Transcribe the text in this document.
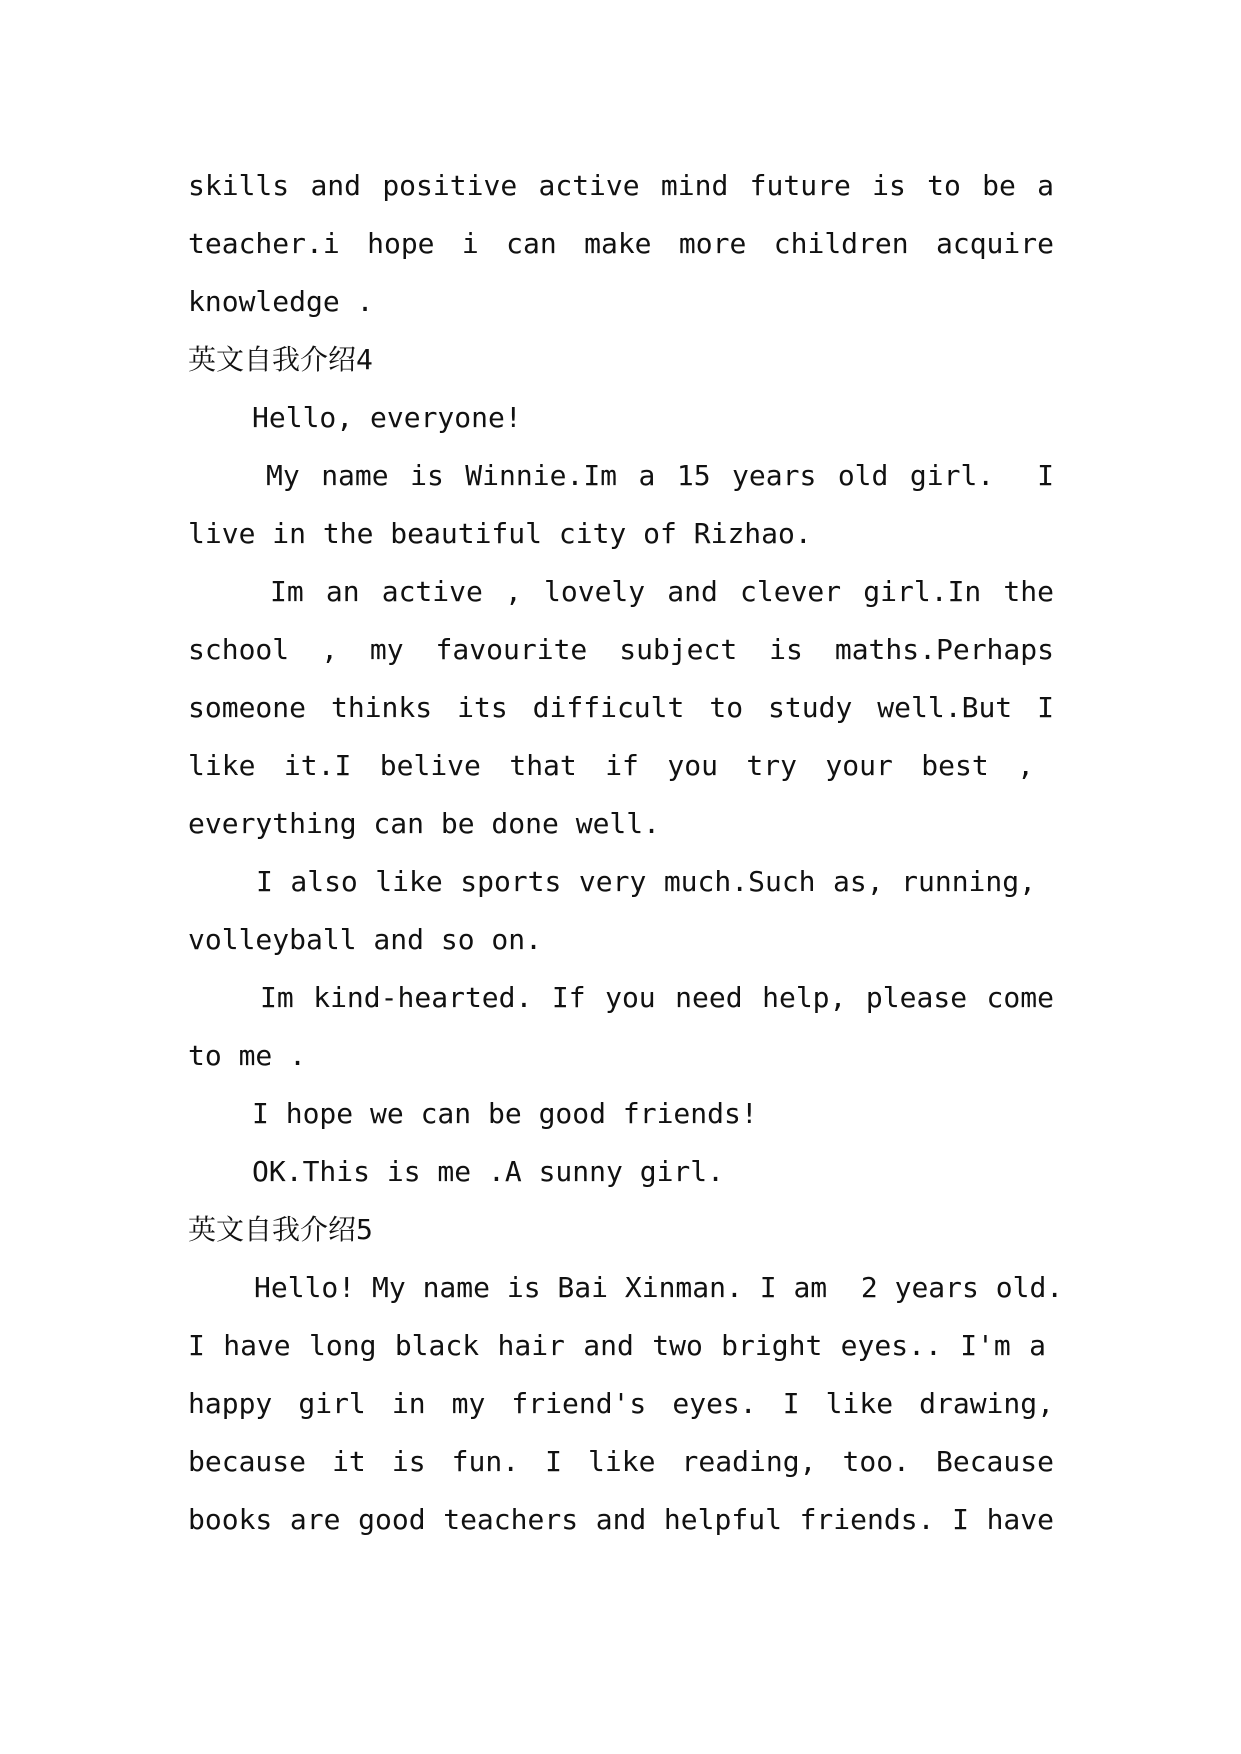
skills and positive active mind future is to be a
teacher.i hope i can make more children acquire
knowledge .
英文自我介绍4
Hello, everyone!
My name is Winnie.Im a 15 years old girl.  I
live in the beautiful city of Rizhao.
Im an active , lovely and clever girl.In the
school , my favourite subject is maths.Perhaps
someone thinks its difficult to study well.But I
like it.I belive that if you try your best ,
everything can be done well.
I also like sports very much.Such as, running,
volleyball and so on.
Im kind-hearted. If you need help, please come
to me .
I hope we can be good friends!
OK.This is me .A sunny girl.
英文自我介绍5
Hello! My name is Bai Xinman. I am  2 years old.
I have long black hair and two bright eyes.. I'm a
happy girl in my friend's eyes. I like drawing,
because it is fun. I like reading, too. Because
books are good teachers and helpful friends. I have
